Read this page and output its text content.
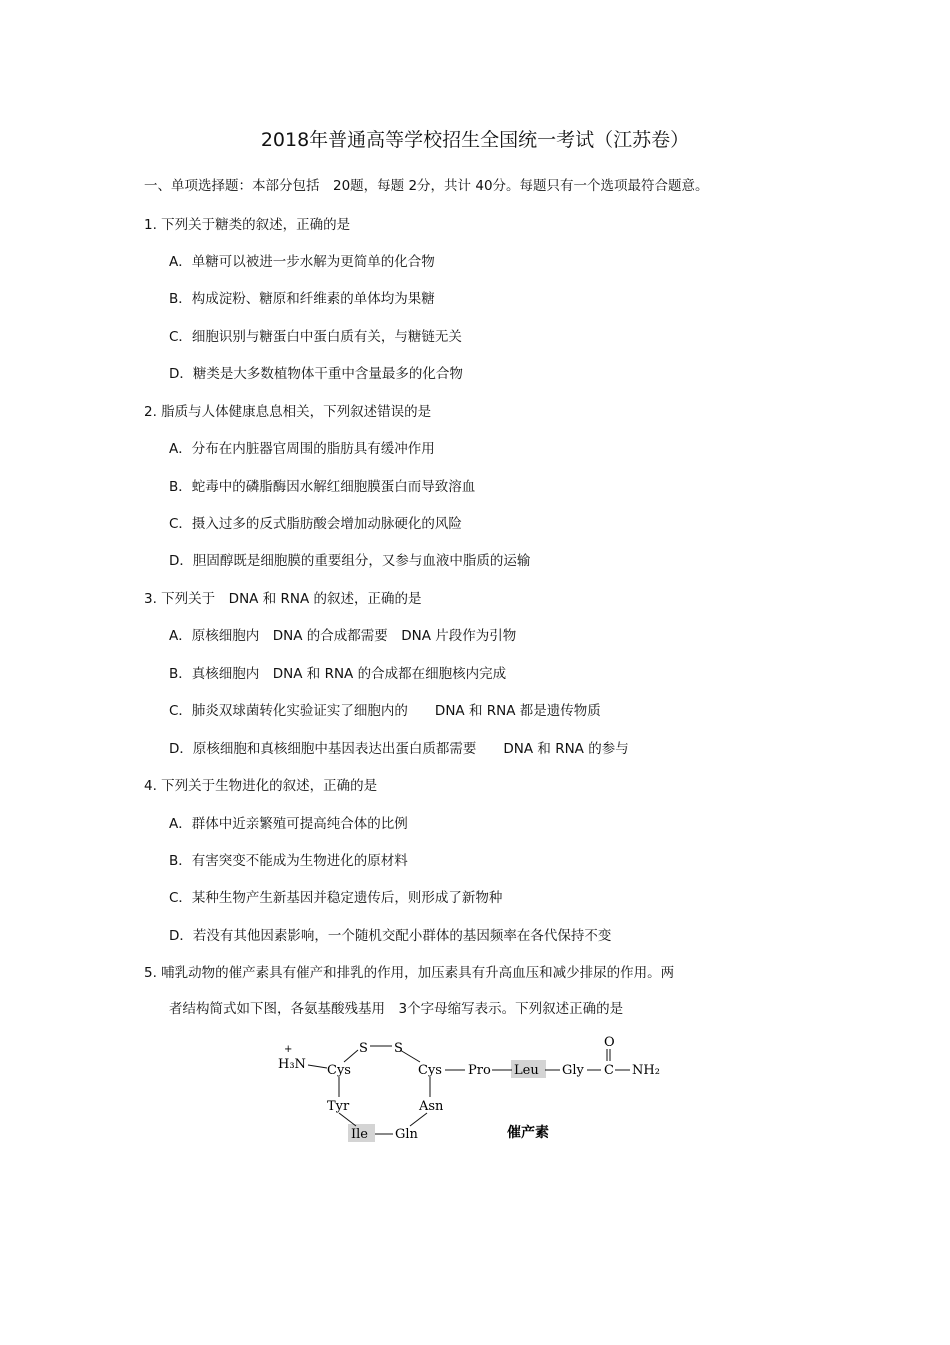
2018年普通高等学校招生全国统一考试（江苏卷）
一、单项选择题：本部分包括　20题，每题 2分，共计 40分。每题只有一个选项最符合题意。
1. 下列关于糖类的叙述，正确的是
A．单糖可以被进一步水解为更简单的化合物
B．构成淀粉、糖原和纤维素的单体均为果糖
C．细胞识别与糖蛋白中蛋白质有关，与糖链无关
D．糖类是大多数植物体干重中含量最多的化合物
2. 脂质与人体健康息息相关，下列叙述错误的是
A．分布在内脏器官周围的脂肪具有缓冲作用
B．蛇毒中的磷脂酶因水解红细胞膜蛋白而导致溶血
C．摄入过多的反式脂肪酸会增加动脉硬化的风险
D．胆固醇既是细胞膜的重要组分，又参与血液中脂质的运输
3. 下列关于　DNA 和 RNA 的叙述，正确的是
A．原核细胞内　DNA 的合成都需要　DNA 片段作为引物
B．真核细胞内　DNA 和 RNA 的合成都在细胞核内完成
C．肺炎双球菌转化实验证实了细胞内的　　DNA 和 RNA 都是遗传物质
D．原核细胞和真核细胞中基因表达出蛋白质都需要　　DNA 和 RNA 的参与
4. 下列关于生物进化的叙述，正确的是
A．群体中近亲繁殖可提高纯合体的比例
B．有害突变不能成为生物进化的原材料
C．某种生物产生新基因并稳定遗传后，则形成了新物种
D．若没有其他因素影响，一个随机交配小群体的基因频率在各代保持不变
5. 哺乳动物的催产素具有催产和排乳的作用，加压素具有升高血压和减少排尿的作用。两
者结构简式如下图，各氨基酸残基用　3个字母缩写表示。下列叙述正确的是
H₃N
+	S S
Cys	Cys Pro Leu Gly C
O
NH₂
Tyr	Asn
Ile Gln	催产素
